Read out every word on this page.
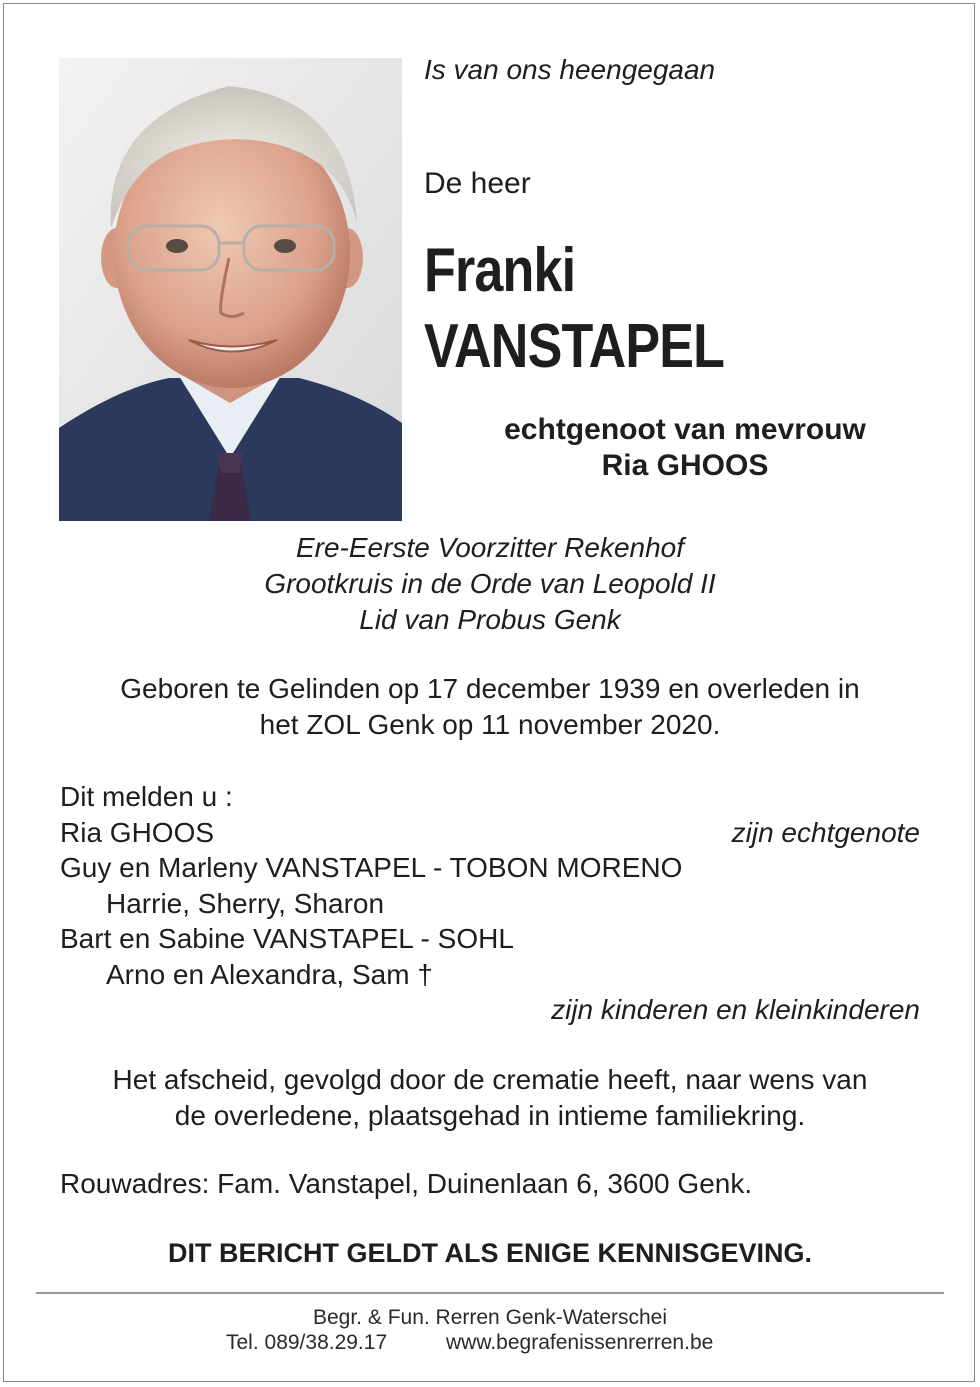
Is van ons heengegaan
De heer
Franki
VANSTAPEL
echtgenoot van mevrouw
Ria GHOOS
Ere-Eerste Voorzitter Rekenhof
Grootkruis in de Orde van Leopold II
Lid van Probus Genk
Geboren te Gelinden op 17 december 1939 en overleden in
het ZOL Genk op 11 november 2020.
Dit melden u :
Ria GHOOS	zijn echtgenote
Guy en Marleny VANSTAPEL - TOBON MORENO
Harrie, Sherry, Sharon
Bart en Sabine VANSTAPEL - SOHL
Arno en Alexandra, Sam †
zijn kinderen en kleinkinderen
Het afscheid, gevolgd door de crematie heeft, naar wens van
de overledene, plaatsgehad in intieme familiekring.
Rouwadres: Fam. Vanstapel, Duinenlaan 6, 3600 Genk.
DIT BERICHT GELDT ALS ENIGE KENNISGEVING.
Begr. & Fun. Rerren Genk-Waterschei
Tel. 089/38.29.17	www.begrafenissenrerren.be
